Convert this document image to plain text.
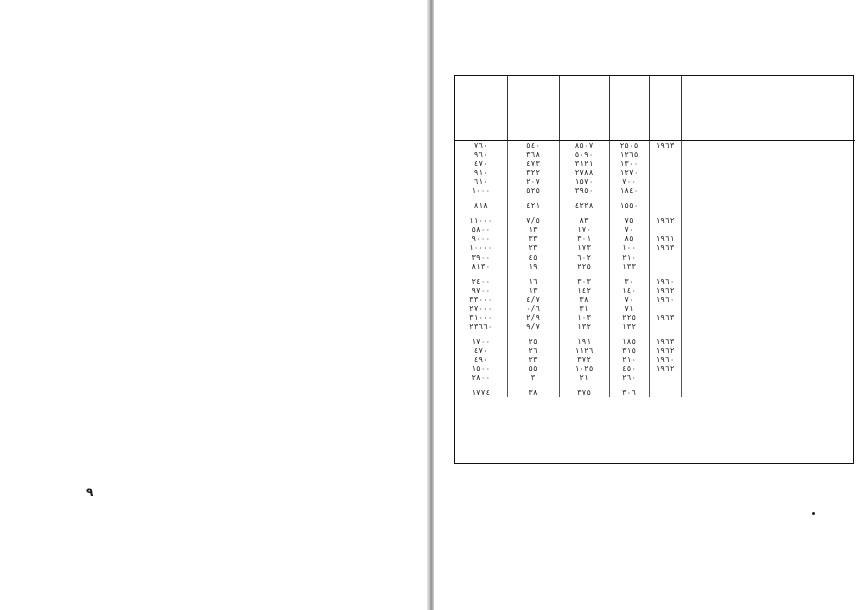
٩

٧٦٠	٥٤٠	٨٥٠٧	٢٥٠٥	١٩٦٣	
٩٦٠	٣٦٨	٥٠٩٠	١٢٦٥		
٤٧٠	٤٧٣	٣١٢١	١٣٠٠		
٩١٠	٣٢٢	٢٧٨٨	١٢٧٠		
٦١٠	٢٠٧	١٥٧٠	٧٠٠		
١٠٠٠	٥٢٥	٣٩٥٠	١٨٤٠		

٨١٨	٤٢١	٤٢٢٨	١٥٥٠		

١١٠٠٠	٧/٥	٨٣	٧٥	١٩٦٢	
٥٨٠٠	١٣	١٧٠	٧٠		
٩٠٠٠	٣٣	٣٠١	٨٥	١٩٦١	
١٠٠٠٠	٢٣	١٧٣	١٠٠	١٩٦٣	
٣٩٠٠	٤٥	٦٠٢	٢١٠		
٨١٣٠	١٩	٢٢٥	١٣٣		

٢٤٠٠	١٦	٣٠٣	٣٠	١٩٦٠	
٩٧٠٠	١٣	١٤٢	١٤٠	١٩٦٢	
٣٣٠٠٠	٤/٧	٣٨	٧٠	١٩٦٠	
٢٧٠٠٠	٠/٦	٣١	٧١		
٣١٠٠٠	٢/٩	١٠٣	٢٢٥	١٩٦٣	
٢٣٦٦٠	٩/٧	١٣٢	١٣٢		

١٧٠٠	٢٥	١٩١	١٨٥	١٩٦٣	
٤٧٠	٢٦	١١٢٦	٣١٥	١٩٦٢	
٤٩٠	٢٣	٣٧٢	٢١٠	١٩٦٠	
١٥٠٠	٥٥	١٠٢٥	٤٥٠	١٩٦٢	
٢٨٠٠	٣	٢١	٢٦٠		

١٧٧٤	٣٨	٣٧٥	٣٠٦		
